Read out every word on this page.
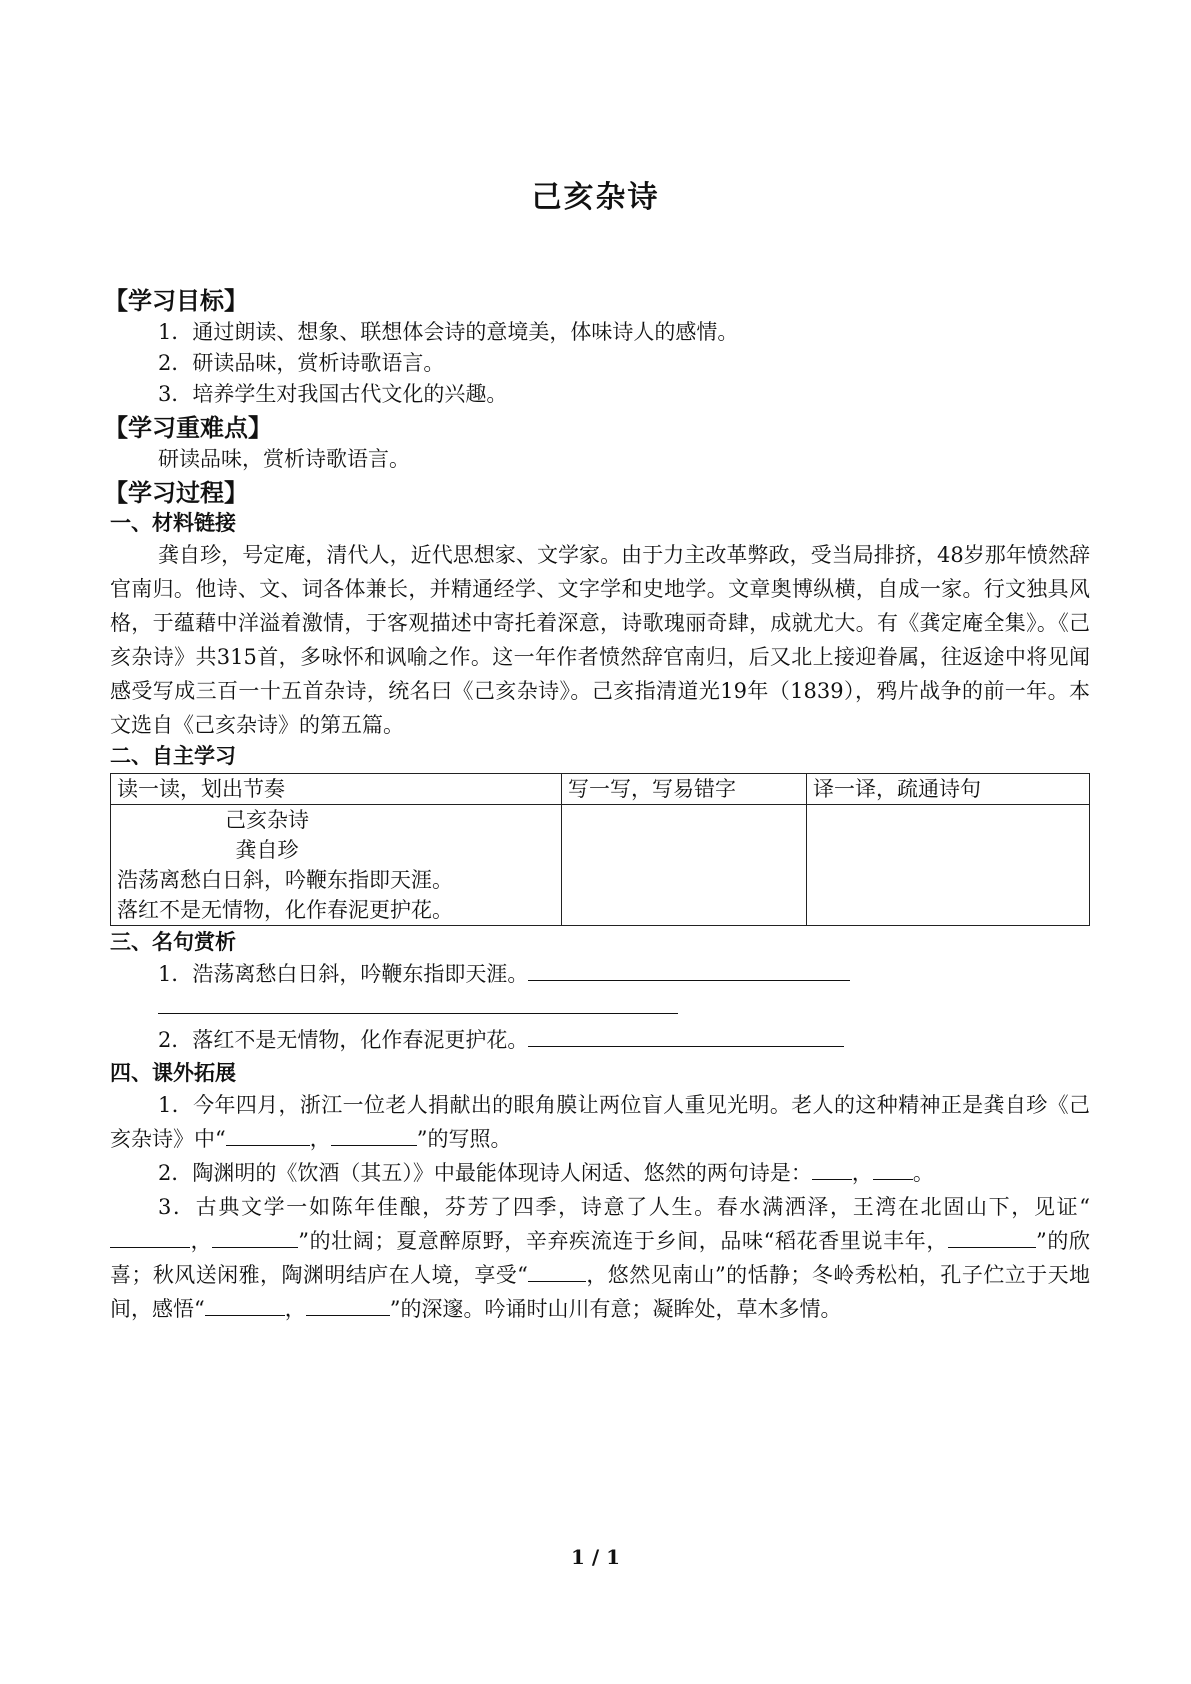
己亥杂诗
【学习目标】
1．通过朗读、想象、联想体会诗的意境美，体味诗人的感情。
2．研读品味，赏析诗歌语言。
3．培养学生对我国古代文化的兴趣。
【学习重难点】
研读品味，赏析诗歌语言。
【学习过程】
一、材料链接
龚自珍，号定庵，清代人，近代思想家、文学家。由于力主改革弊政，受当局排挤，48岁那年愤然辞官南归。他诗、文、词各体兼长，并精通经学、文字学和史地学。文章奥博纵横，自成一家。行文独具风格，于蕴藉中洋溢着激情，于客观描述中寄托着深意，诗歌瑰丽奇肆，成就尤大。有《龚定庵全集》。《己亥杂诗》共315首，多咏怀和讽喻之作。这一年作者愤然辞官南归，后又北上接迎眷属，往返途中将见闻感受写成三百一十五首杂诗，统名曰《己亥杂诗》。己亥指清道光19年（1839），鸦片战争的前一年。本文选自《己亥杂诗》的第五篇。
二、自主学习
读一读，划出节奏	写一写，写易错字	译一译，疏通诗句

己亥杂诗
龚自珍
浩荡离愁白日斜，吟鞭东指即天涯。
落红不是无情物，化作春泥更护花。		

三、名句赏析
1．浩荡离愁白日斜，吟鞭东指即天涯。
2．落红不是无情物，化作春泥更护花。
四、课外拓展
1．今年四月，浙江一位老人捐献出的眼角膜让两位盲人重见光明。老人的这种精神正是龚自珍《己亥杂诗》中“	，	”的写照。
2．陶渊明的《饮酒（其五）》中最能体现诗人闲适、悠然的两句诗是： ， 。
3．古典文学一如陈年佳酿，芬芳了四季，诗意了人生。春水满洒泽，王湾在北固山下，见证“，	”的壮阔；夏意醉原野，辛弃疾流连于乡间，品味“稻花香里说丰年，	”的欣喜；秋风送闲雅，陶渊明结庐在人境，享受“	，悠然见南山”的恬静；冬岭秀松柏，孔子伫立于天地间，感悟“	，	”的深邃。吟诵时山川有意；凝眸处，草木多情。
1 / 1
